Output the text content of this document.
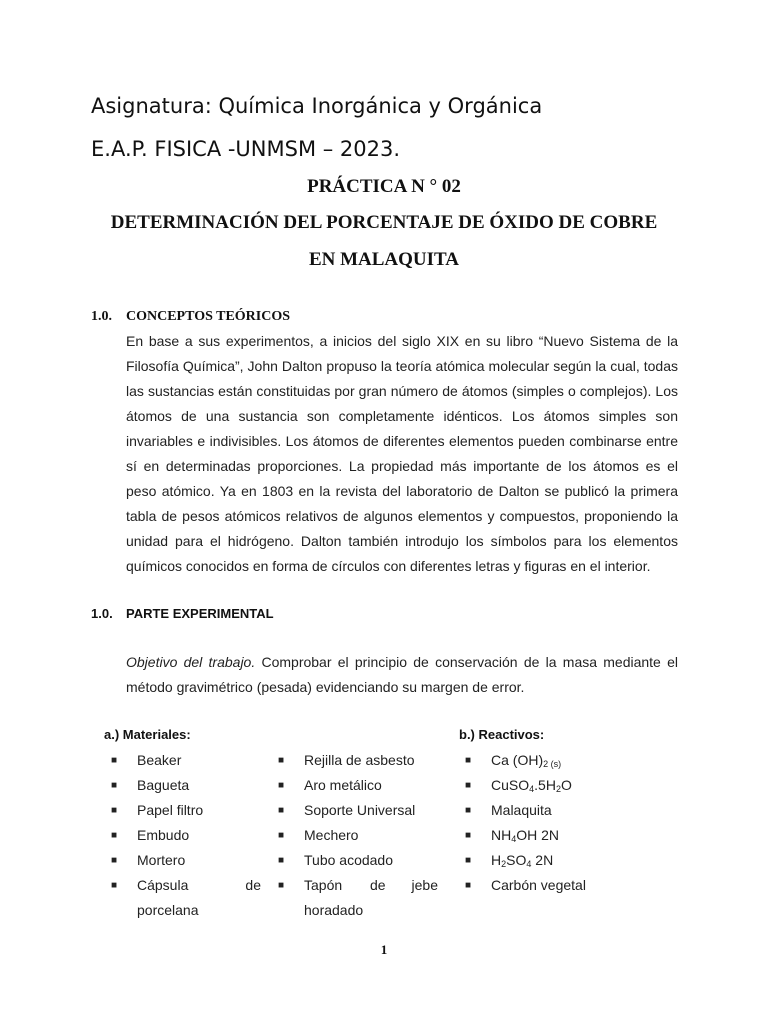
Asignatura: Química Inorgánica y Orgánica
E.A.P. FISICA -UNMSM – 2023.
PRÁCTICA N ° 02
DETERMINACIÓN DEL PORCENTAJE DE ÓXIDO DE COBRE
EN MALAQUITA
1.0. CONCEPTOS TEÓRICOS
En base a sus experimentos, a inicios del siglo XIX en su libro “Nuevo Sistema de la Filosofía Química”, John Dalton propuso la teoría atómica molecular según la cual, todas las sustancias están constituidas por gran número de átomos (simples o complejos). Los átomos de una sustancia son completamente idénticos. Los átomos simples son invariables e indivisibles. Los átomos de diferentes elementos pueden combinarse entre sí en determinadas proporciones. La propiedad más importante de los átomos es el peso atómico. Ya en 1803 en la revista del laboratorio de Dalton se publicó la primera tabla de pesos atómicos relativos de algunos elementos y compuestos, proponiendo la unidad para el hidrógeno. Dalton también introdujo los símbolos para los elementos químicos conocidos en forma de círculos con diferentes letras y figuras en el interior.
1.0. PARTE EXPERIMENTAL
Objetivo del trabajo. Comprobar el principio de conservación de la masa mediante el método gravimétrico (pesada) evidenciando su margen de error.
a.) Materiales:
■ Beaker
■ Bagueta
■ Papel filtro
■ Embudo
■ Mortero
■ Cápsula	de
porcelana
■ Rejilla de asbesto
■ Aro metálico
■ Soporte Universal
■ Mechero
■ Tubo acodado
■ Tapón de jebe
horadado
b.) Reactivos:
■ Ca $(OH)_{2 (s)}$
■ $CuSO_4.5H_2O$
■ Malaquita
■ $NH_4OH$ 2N
■ $H_2SO_4$ 2N
■ Carbón vegetal
1
